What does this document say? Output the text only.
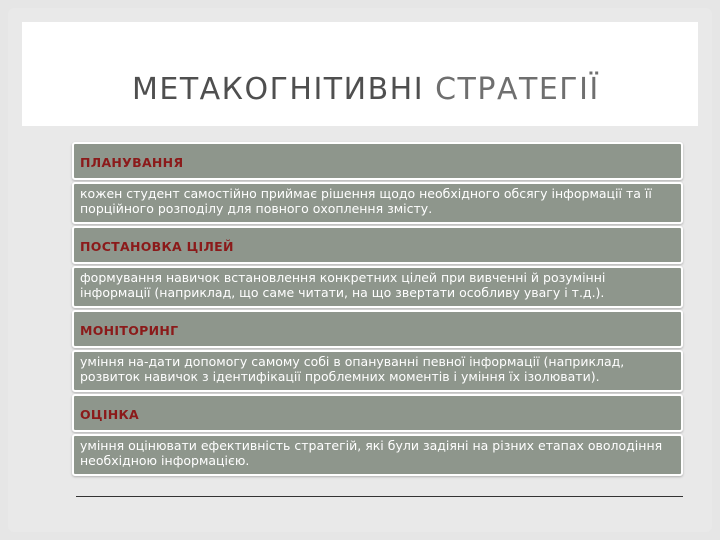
МЕТАКОГНІТИВНІ СТРАТЕГІЇ
ПЛАНУВАННЯ
кожен студент самостійно приймає рішення щодо необхідного обсягу інформації та її порційного розподілу для повного охоплення змісту.
ПОСТАНОВКА ЦІЛЕЙ
формування навичок встановлення конкретних цілей при вивченні й розумінні інформації (наприклад, що саме читати, на що звертати особливу увагу і т.д.).
МОНІТОРИНГ
уміння на-дати допомогу самому собі в опануванні певної інформації (наприклад, розвиток навичок з ідентифікації проблемних моментів і уміння їх ізолювати).
ОЦІНКА
уміння оцінювати ефективність стратегій, які були задіяні на різних етапах оволодіння необхідною інформацією.
